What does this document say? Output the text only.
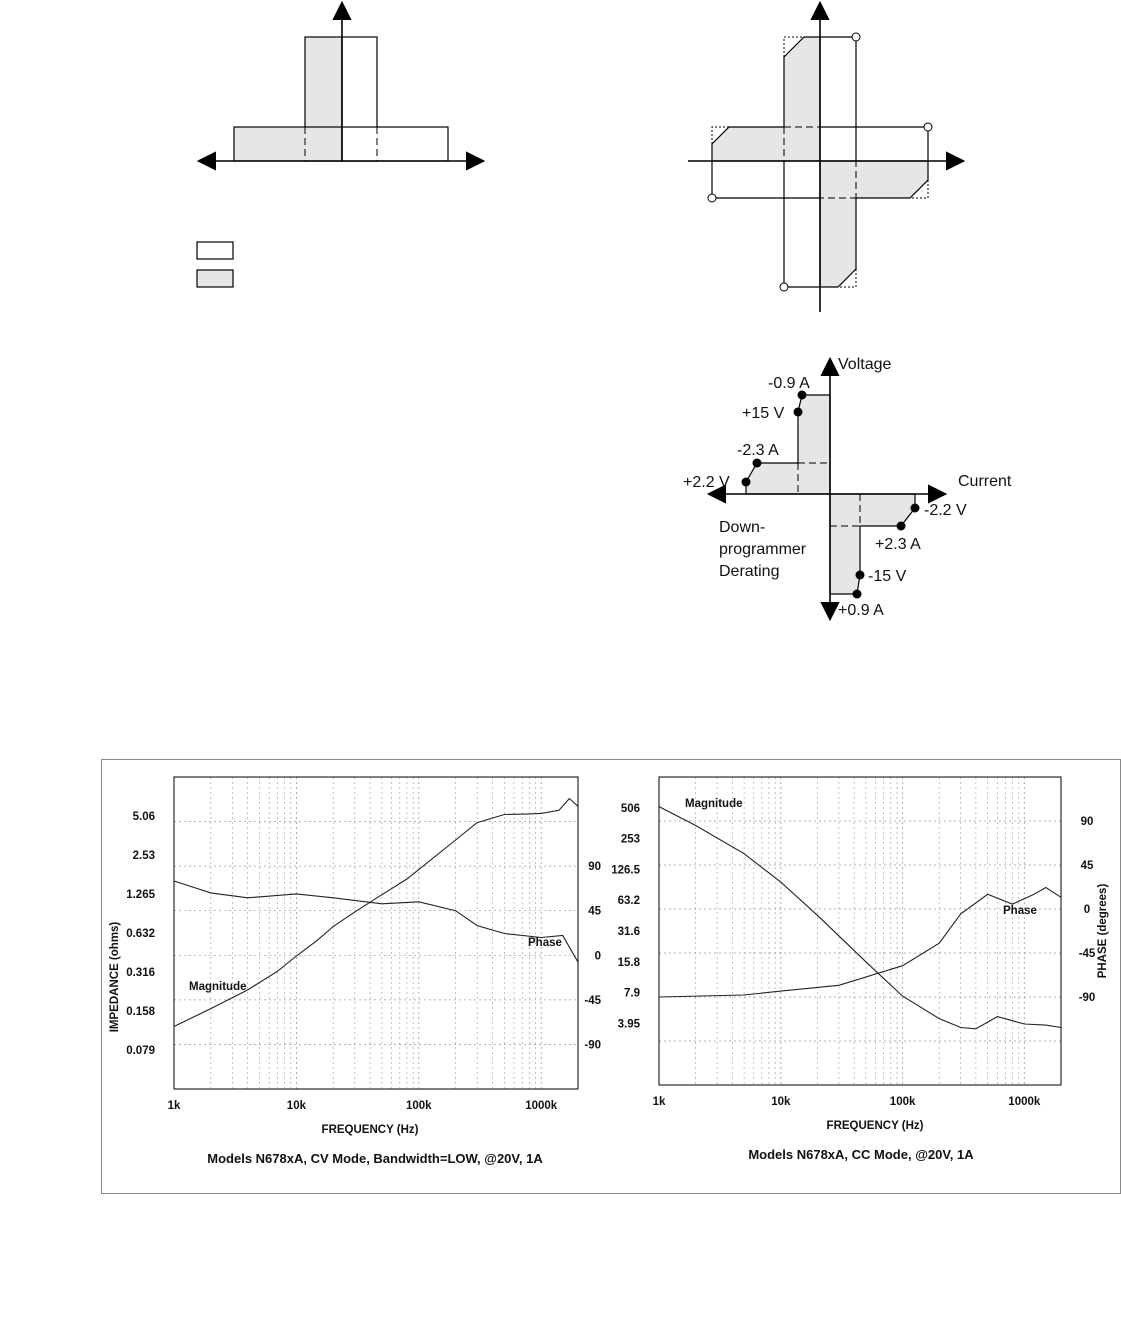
Voltage
Current
-0.9 A
+15 V
-2.3 A
+2.2 V
-2.2 V
+2.3 A
-15 V
+0.9 A
Down-
programmer
Derating
5.06
2.53
1.265
0.632
0.316
0.158
0.079
90
45
0
-45
-90
1k	10k	100k	1000k
IMPEDANCE (ohms)
FREQUENCY (Hz)
Magnitude
Phase
Models N678xA, CV Mode, Bandwidth=LOW, @20V, 1A
506
253
126.5
63.2
31.6
15.8
7.9
3.95
90
45
0
-45
-90
1k	10k	100k	1000k
PHASE (degrees)
FREQUENCY (Hz)
Magnitude
Phase
Models N678xA, CC Mode, @20V, 1A
